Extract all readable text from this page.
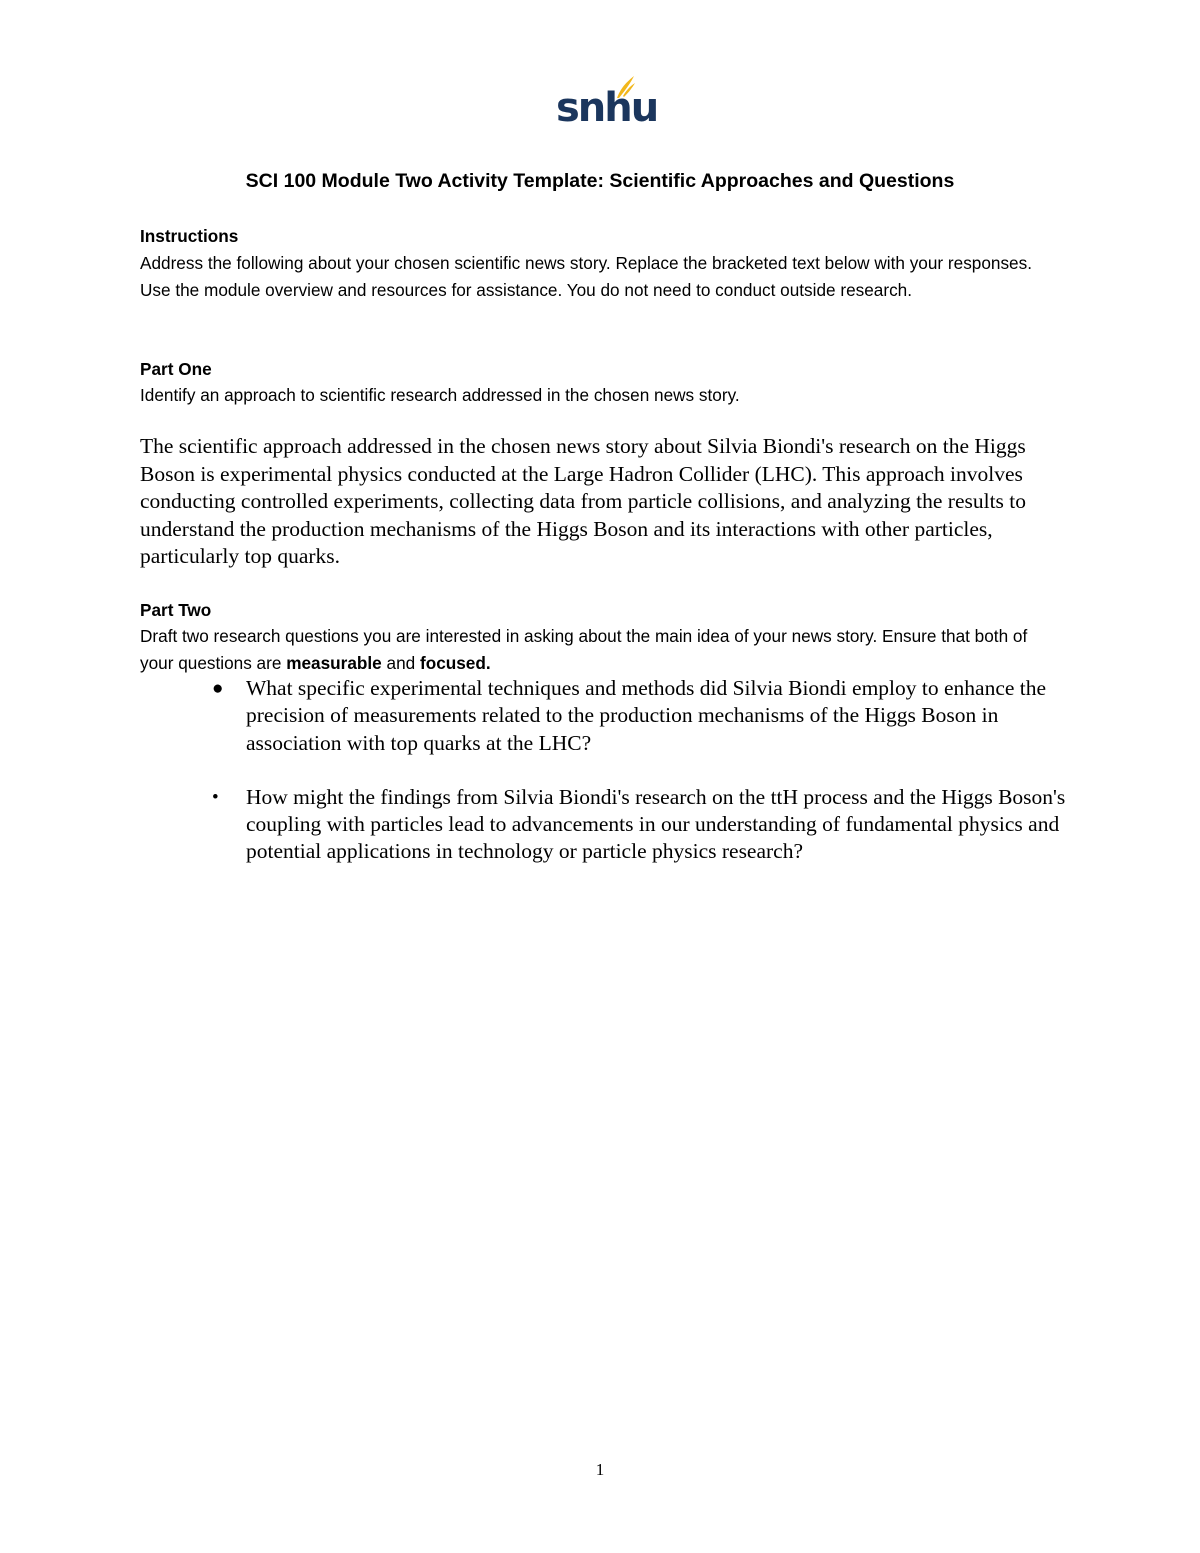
snhu
SCI 100 Module Two Activity Template: Scientific Approaches and Questions
Instructions
Address the following about your chosen scientific news story. Replace the bracketed text below with your responses. Use the module overview and resources for assistance. You do not need to conduct outside research.
Part One
Identify an approach to scientific research addressed in the chosen news story.
The scientific approach addressed in the chosen news story about Silvia Biondi's research on the Higgs Boson is experimental physics conducted at the Large Hadron Collider (LHC). This approach involves conducting controlled experiments, collecting data from particle collisions, and analyzing the results to understand the production mechanisms of the Higgs Boson and its interactions with other particles, particularly top quarks.
Part Two
Draft two research questions you are interested in asking about the main idea of your news story. Ensure that both of your questions are measurable and focused.
● What specific experimental techniques and methods did Silvia Biondi employ to enhance the precision of measurements related to the production mechanisms of the Higgs Boson in association with top quarks at the LHC?
• How might the findings from Silvia Biondi's research on the ttH process and the Higgs Boson's coupling with particles lead to advancements in our understanding of fundamental physics and potential applications in technology or particle physics research?
1
